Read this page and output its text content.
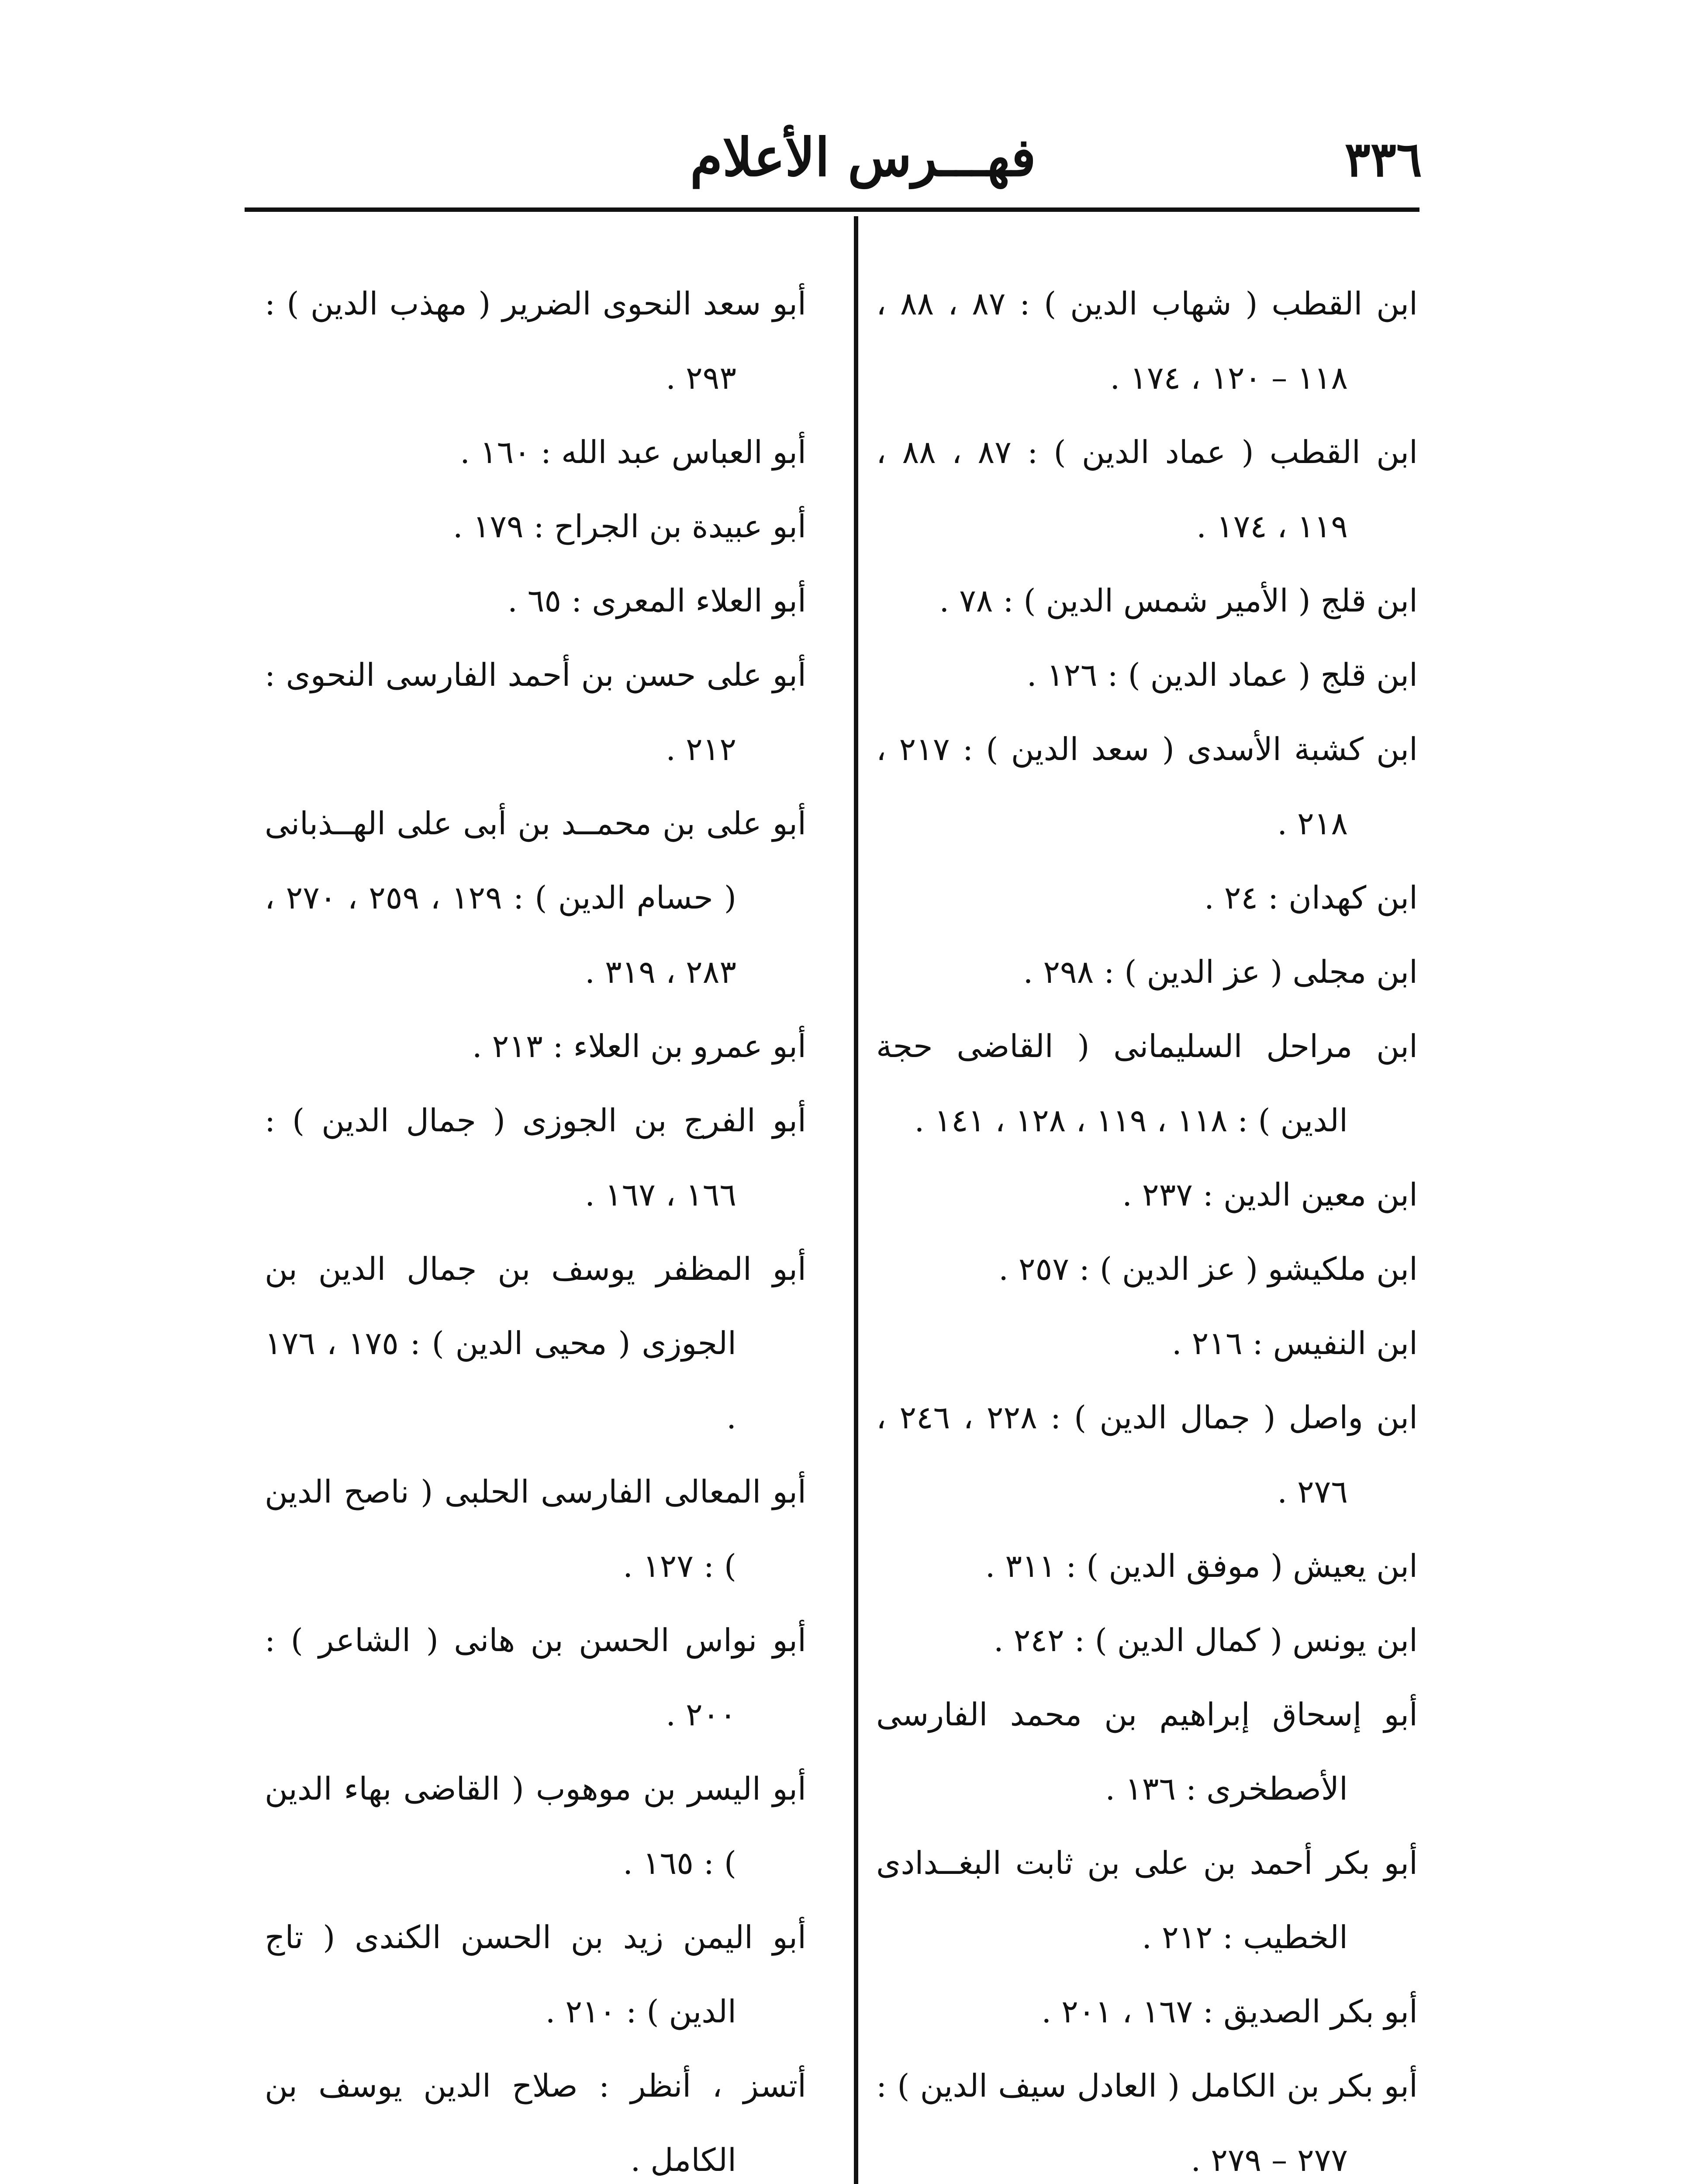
٣٣٦
فهـــرس الأعلام
ابن القطب ( شهاب الدين ) : ٨٧ ، ٨٨ ، ١١٨ – ١٢٠ ، ١٧٤ .
ابن القطب ( عماد الدين ) : ٨٧ ، ٨٨ ، ١١٩ ، ١٧٤ .
ابن قلج ( الأمير شمس الدين ) : ٧٨ .
ابن قلج ( عماد الدين ) : ١٢٦ .
ابن كشبة الأسدى ( سعد الدين ) : ٢١٧ ، ٢١٨ .
ابن كهدان : ٢٤ .
ابن مجلى ( عز الدين ) : ٢٩٨ .
ابن مراحل السليمانى ( القاضى حجة الدين ) : ١١٨ ، ١١٩ ، ١٢٨ ، ١٤١ .
ابن معين الدين : ٢٣٧ .
ابن ملكيشو ( عز الدين ) : ٢٥٧ .
ابن النفيس : ٢١٦ .
ابن واصل ( جمال الدين ) : ٢٢٨ ، ٢٤٦ ، ٢٧٦ .
ابن يعيش ( موفق الدين ) : ٣١١ .
ابن يونس ( كمال الدين ) : ٢٤٢ .
أبو إسحاق إبراهيم بن محمد الفارسى الأصطخرى : ١٣٦ .
أبو بكر أحمد بن على بن ثابت البغــدادى الخطيب : ٢١٢ .
أبو بكر الصديق : ١٦٧ ، ٢٠١ .
أبو بكر بن الكامل ( العادل سيف الدين ) : ٢٧٧ – ٢٧٩ .
أبو سعد النحوى الضرير ( مهذب الدين ) : ٢٩٣ .
أبو العباس عبد الله : ١٦٠ .
أبو عبيدة بن الجراح : ١٧٩ .
أبو العلاء المعرى : ٦٥ .
أبو على حسن بن أحمد الفارسى النحوى : ٢١٢ .
أبو على بن محمــد بن أبى على الهــذبانى ( حسام الدين ) : ١٢٩ ، ٢٥٩ ، ٢٧٠ ، ٢٨٣ ، ٣١٩ .
أبو عمرو بن العلاء : ٢١٣ .
أبو الفرج بن الجوزى ( جمال الدين ) : ١٦٦ ، ١٦٧ .
أبو المظفر يوسف بن جمال الدين بن الجوزى ( محيى الدين ) : ١٧٥ ، ١٧٦ .
أبو المعالى الفارسى الحلبى ( ناصح الدين ) : ١٢٧ .
أبو نواس الحسن بن هانى ( الشاعر ) : ٢٠٠ .
أبو اليسر بن موهوب ( القاضى بهاء الدين ) : ١٦٥ .
أبو اليمن زيد بن الحسن الكندى ( تاج الدين ) : ٢١٠ .
أتسز ، أنظر : صلاح الدين يوسف بن الكامل .
